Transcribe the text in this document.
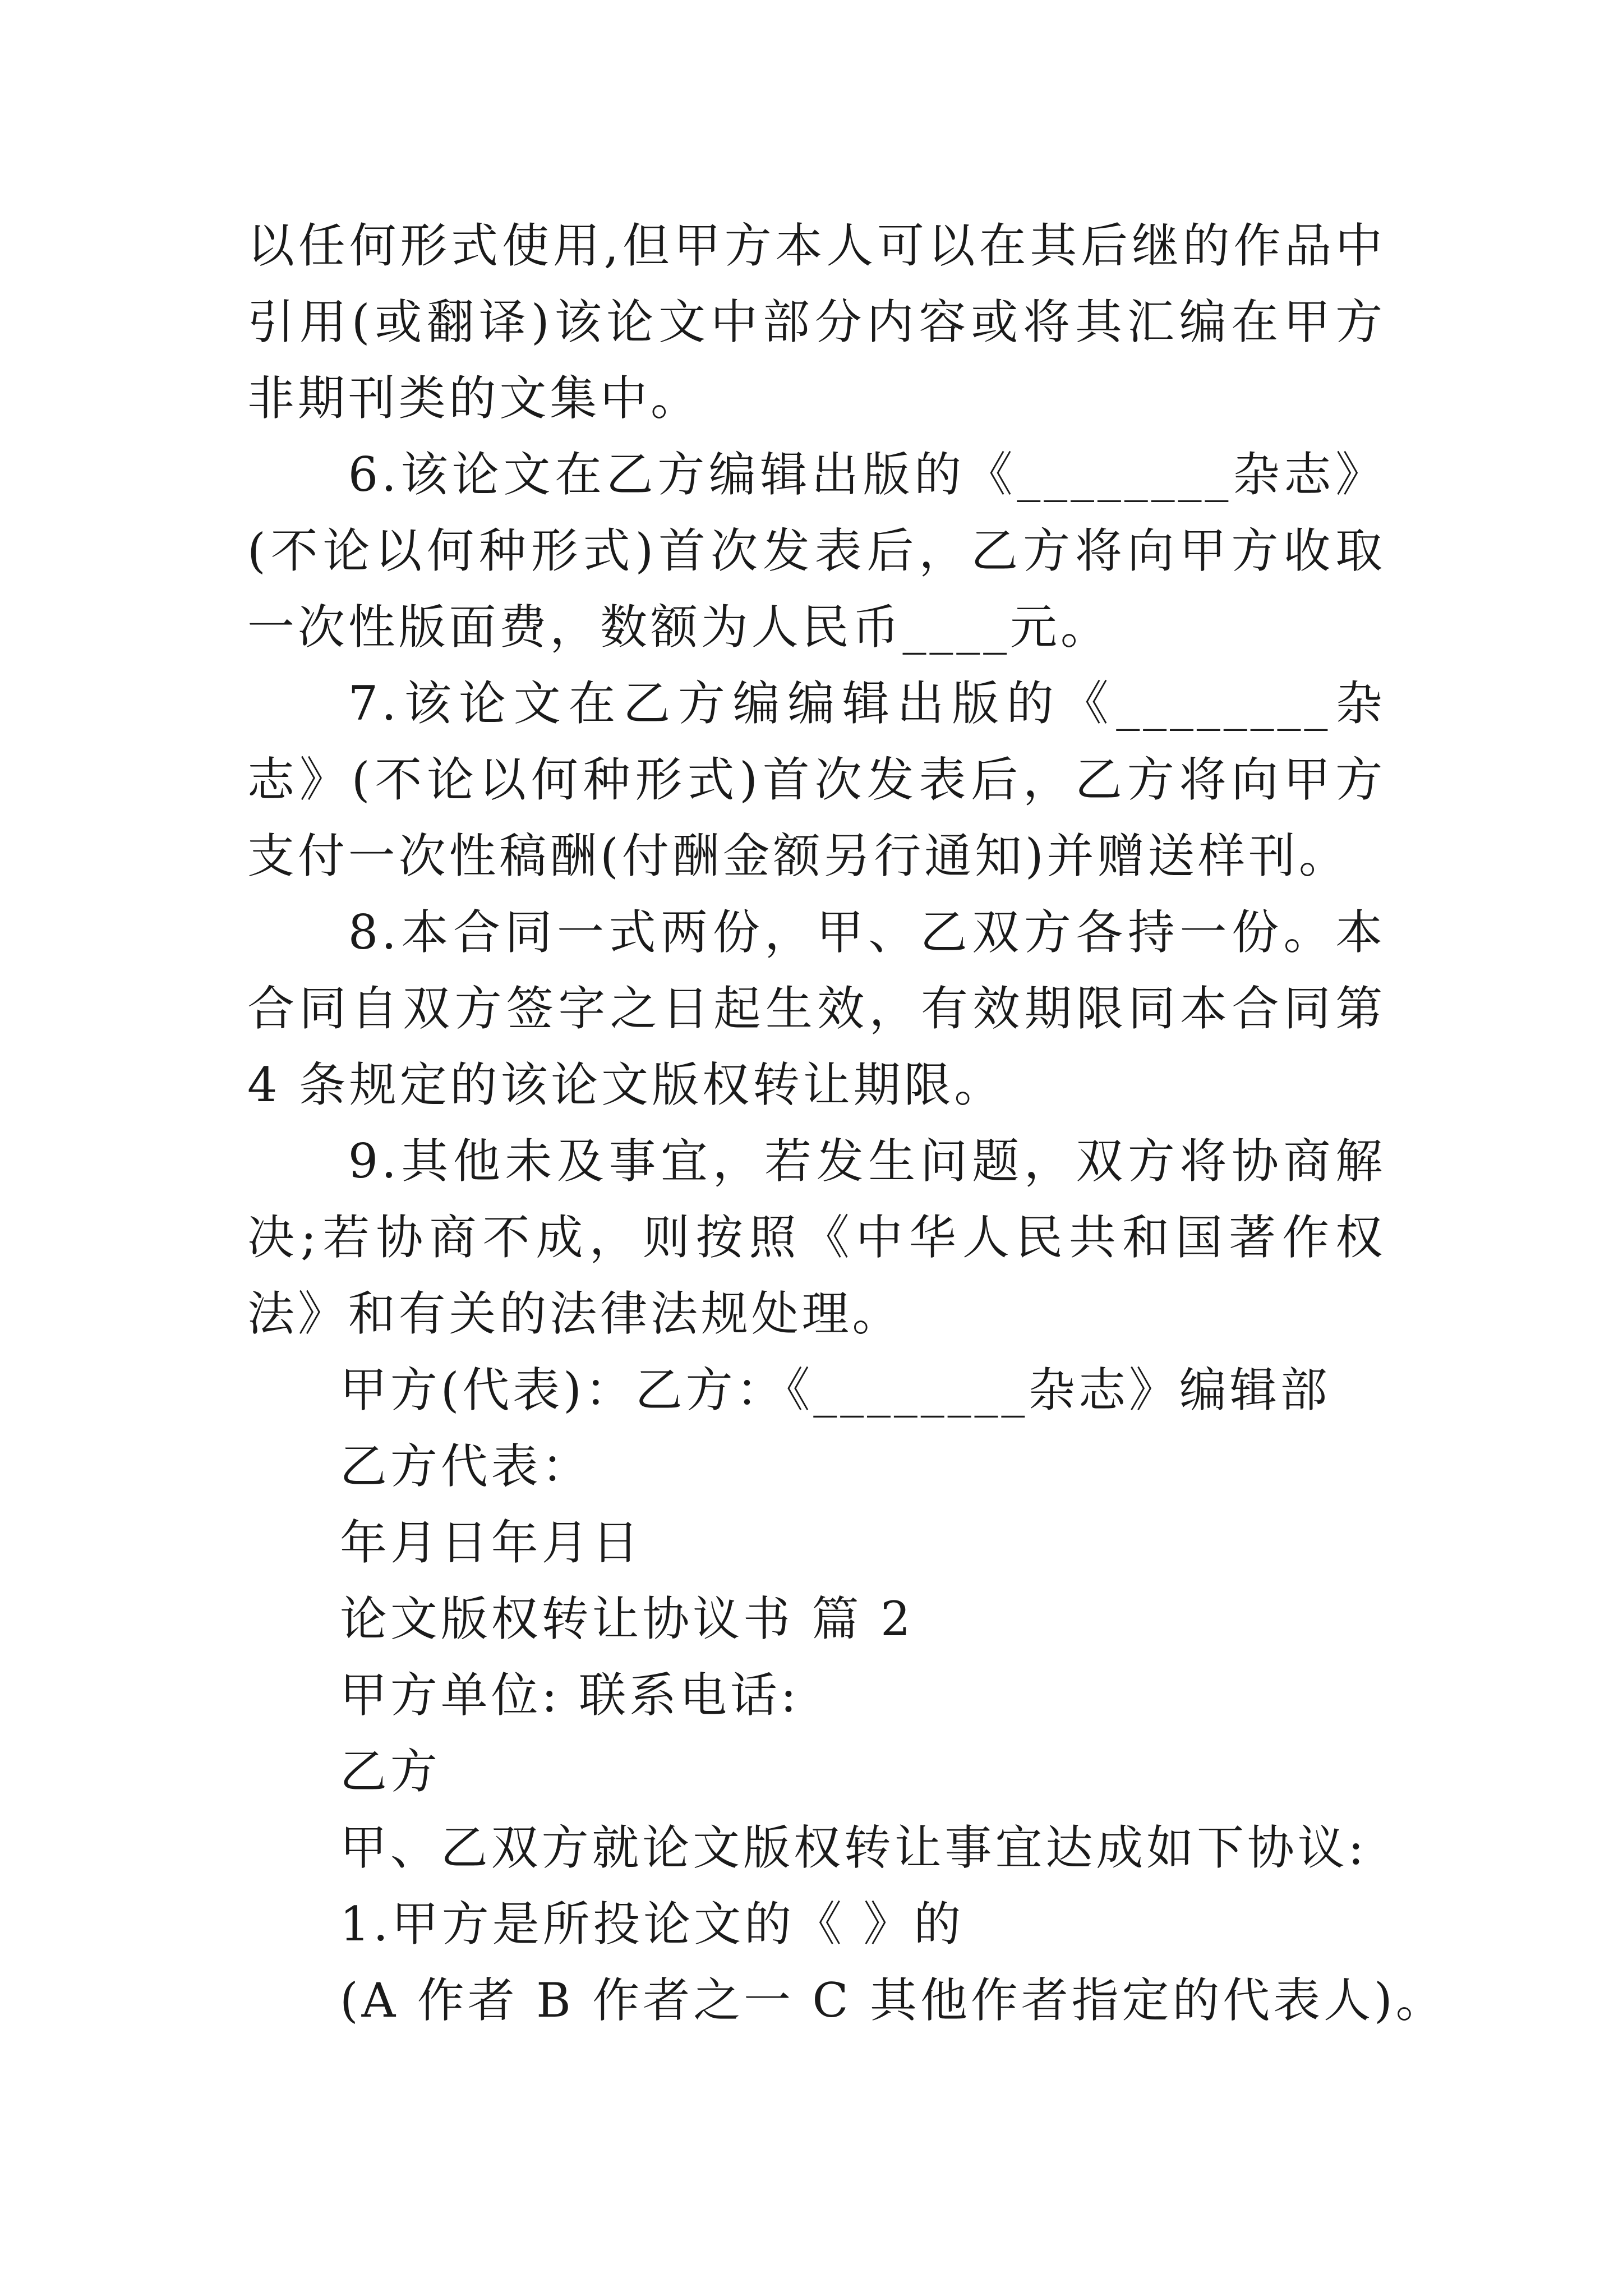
以任何形式使用,但甲方本人可以在其后继的作品中引用(或翻译)该论文中部分内容或将其汇编在甲方非期刊类的文集中。

6.该论文在乙方编辑出版的《________杂志》(不论以何种形式)首次发表后，乙方将向甲方收取一次性版面费，数额为人民币____元。

7.该论文在乙方编编辑出版的《________杂志》(不论以何种形式)首次发表后，乙方将向甲方支付一次性稿酬(付酬金额另行通知)并赠送样刊。

8.本合同一式两份，甲、乙双方各持一份。本合同自双方签字之日起生效，有效期限同本合同第 4 条规定的该论文版权转让期限。

9.其他未及事宜，若发生问题，双方将协商解决;若协商不成，则按照《中华人民共和国著作权法》和有关的法律法规处理。

甲方(代表)：乙方：《________杂志》编辑部

乙方代表：

年月日年月日

论文版权转让协议书 篇 2

甲方单位: 联系电话:

乙方

甲、乙双方就论文版权转让事宜达成如下协议:

1.甲方是所投论文的《 》的

(A 作者 B 作者之一 C 其他作者指定的代表人)。
